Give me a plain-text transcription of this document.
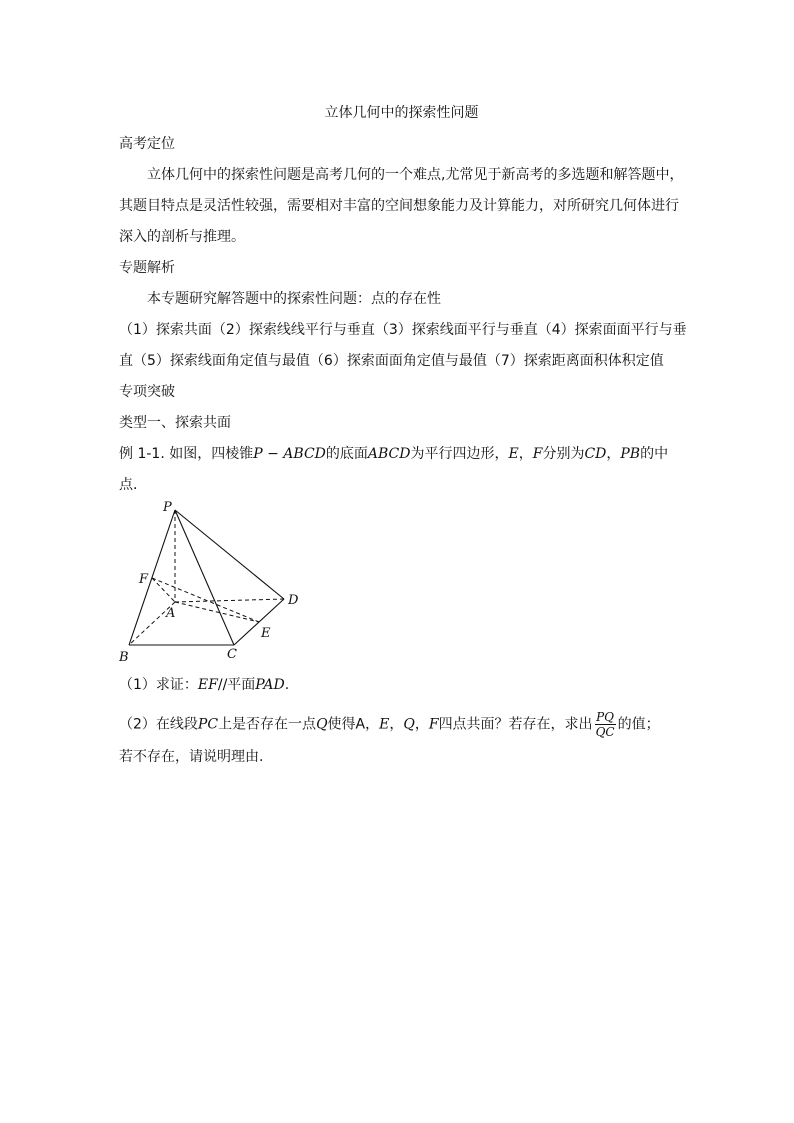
立体几何中的探索性问题
高考定位
立体几何中的探索性问题是高考几何的一个难点,尤常见于新高考的多选题和解答题中，
其题目特点是灵活性较强，需要相对丰富的空间想象能力及计算能力，对所研究几何体进行
深入的剖析与推理。
专题解析
本专题研究解答题中的探索性问题：点的存在性
（1）探索共面（2）探索线线平行与垂直（3）探索线面平行与垂直（4）探索面面平行与垂
直（5）探索线面角定值与最值（6）探索面面角定值与最值（7）探索距离面积体积定值
专项突破
类型一、探索共面
例 1-1. 如图，四棱锥P − ABCD的底面ABCD为平行四边形，E，F分别为CD，PB的中
点.
P
F
A
D
E
B	C
（1）求证：EF//平面PAD.
（2）在线段PC上是否存在一点Q使得A，E，Q，F四点共面？若存在，求出 $\frac{PQ}{QC}$ 的值；
若不存在，请说明理由.
